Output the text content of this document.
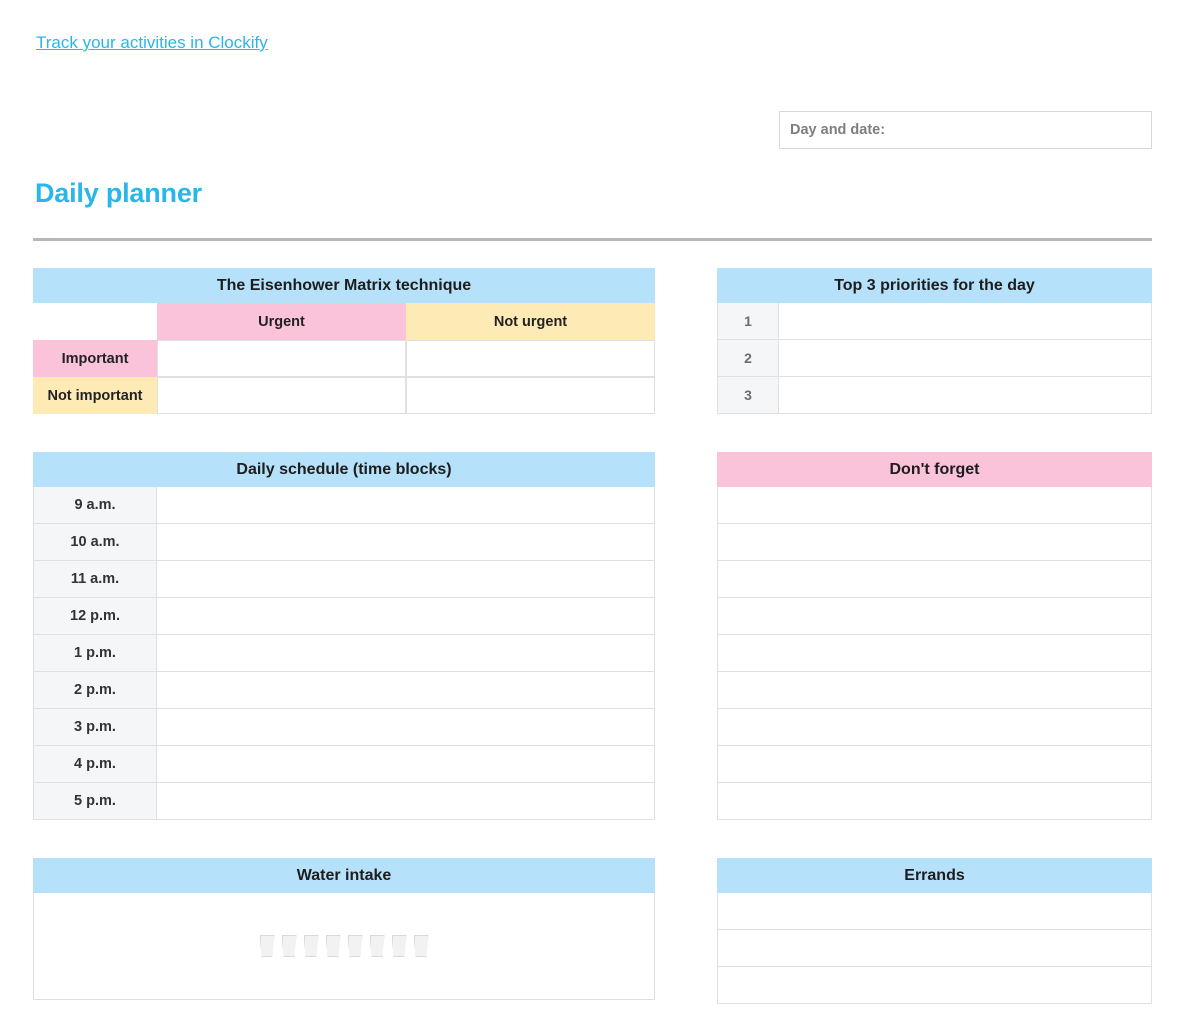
Track your activities in Clockify
Day and date:
Daily planner
The Eisenhower Matrix technique
Urgent	Not urgent
Important
Not important
Top 3 priorities for the day
1
2
3
Daily schedule (time blocks)
9 a.m.
10 a.m.
11 a.m.
12 p.m.
1 p.m.
2 p.m.
3 p.m.
4 p.m.
5 p.m.
Don't forget
Water intake	Errands
